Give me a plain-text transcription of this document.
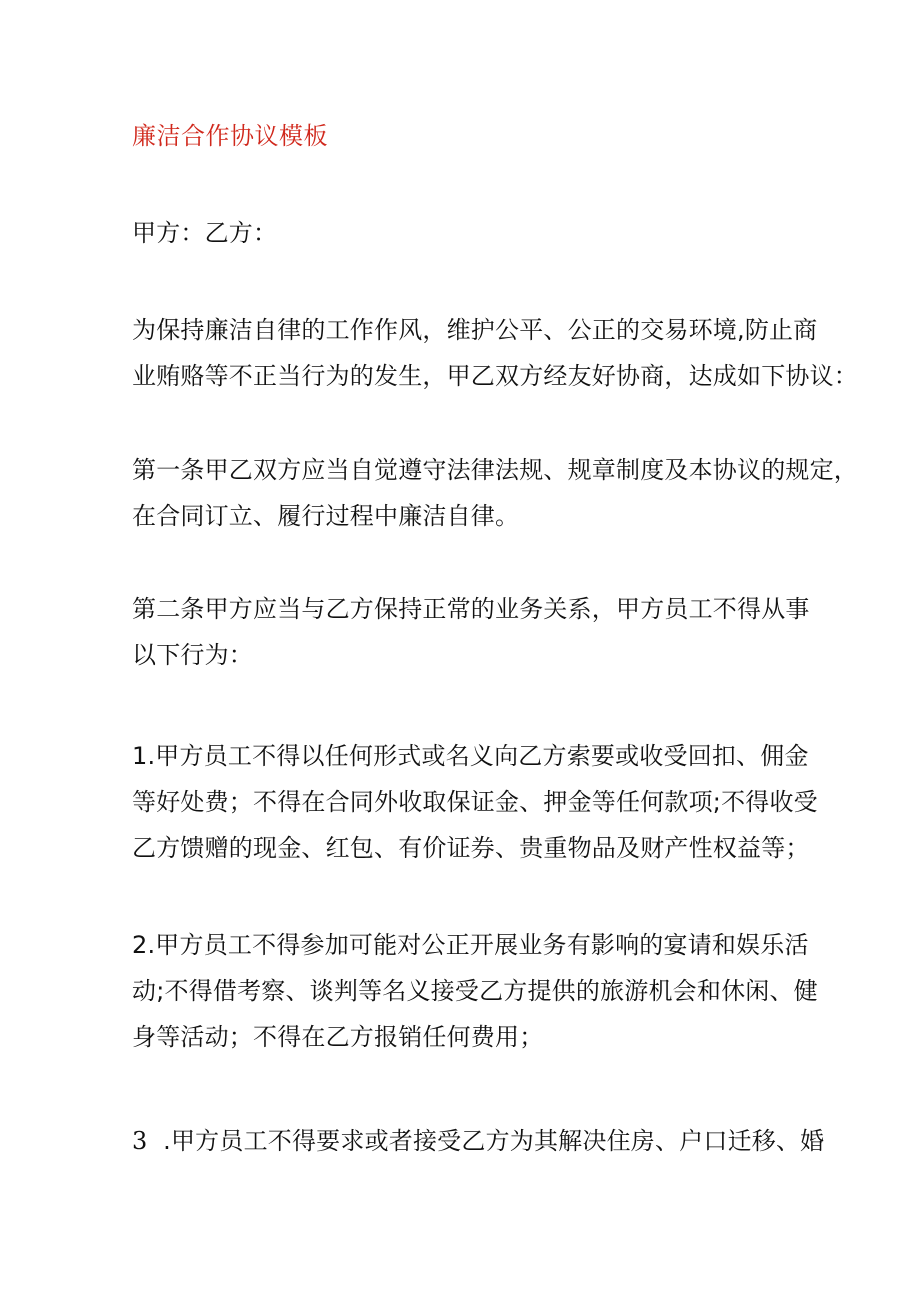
廉洁合作协议模板
甲方：乙方：
为保持廉洁自律的工作作风，维护公平、公正的交易环境,防止商
业贿赂等不正当行为的发生，甲乙双方经友好协商，达成如下协议：
第一条甲乙双方应当自觉遵守法律法规、规章制度及本协议的规定，
在合同订立、履行过程中廉洁自律。
第二条甲方应当与乙方保持正常的业务关系，甲方员工不得从事
以下行为：
1.甲方员工不得以任何形式或名义向乙方索要或收受回扣、佣金
等好处费；不得在合同外收取保证金、押金等任何款项;不得收受
乙方馈赠的现金、红包、有价证券、贵重物品及财产性权益等；
2.甲方员工不得参加可能对公正开展业务有影响的宴请和娱乐活
动;不得借考察、谈判等名义接受乙方提供的旅游机会和休闲、健
身等活动；不得在乙方报销任何费用；
3 .甲方员工不得要求或者接受乙方为其解决住房、户口迁移、婚
